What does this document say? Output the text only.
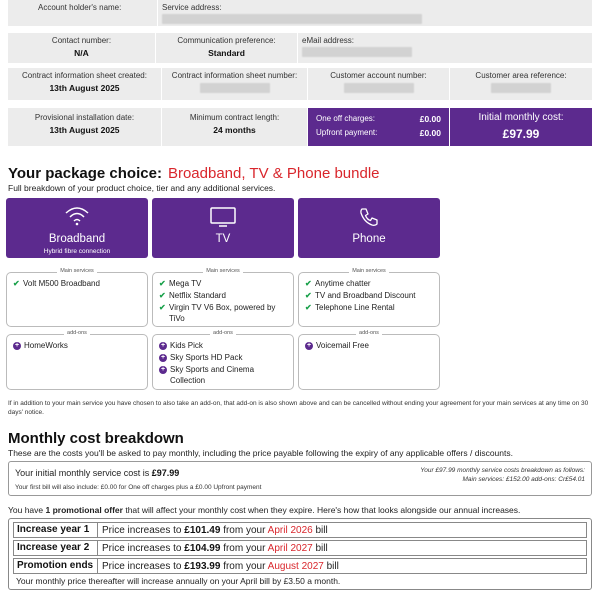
Account holder's name:	Service address:
Contact number:
N/A
Communication preference:
Standard
eMail address:
Contract information sheet created:
13th August 2025
Contract information sheet number:	Customer account number:	Customer area reference:
Provisional installation date:
13th August 2025
Minimum contract length:
24 months
One off charges:	£0.00
Upfront payment:	£0.00
Initial monthly cost:
£97.99
Your package choice: Broadband, TV & Phone bundle
Full breakdown of your product choice, tier and any additional services.
Broadband
Hybrid fibre connection
TV	Phone
Main services
✔ Volt M500 Broadband
Main services
✔ Mega TV
✔ Netflix Standard
✔ Virgin TV V6 Box, powered by TiVo
Main services
✔ Anytime chatter
✔ TV and Broadband Discount
✔ Telephone Line Rental
add-ons
+ HomeWorks
add-ons
+ Kids Pick
+ Sky Sports HD Pack
+ Sky Sports and Cinema Collection
add-ons
+ Voicemail Free
If in addition to your main service you have chosen to also take an add-on, that add-on is also shown above and can be cancelled without ending your agreement for your main services at any time on 30 days' notice.
Monthly cost breakdown
These are the costs you'll be asked to pay monthly, including the price payable following the expiry of any applicable offers / discounts.
Your initial monthly service cost is £97.99
Your first bill will also include: £0.00 for One off charges plus a £0.00 Upfront payment
Your £97.99 monthly service costs breakdown as follows:
Main services: £152.00 add-ons: Cr£54.01
You have 1 promotional offer that will affect your monthly cost when they expire. Here's how that looks alongside our annual increases.
Increase year 1	Price increases to £101.49 from your April 2026 bill
Increase year 2	Price increases to £104.99 from your April 2027 bill
Promotion ends Price increases to £193.99 from your August 2027 bill
Your monthly price thereafter will increase annually on your April bill by £3.50 a month.
